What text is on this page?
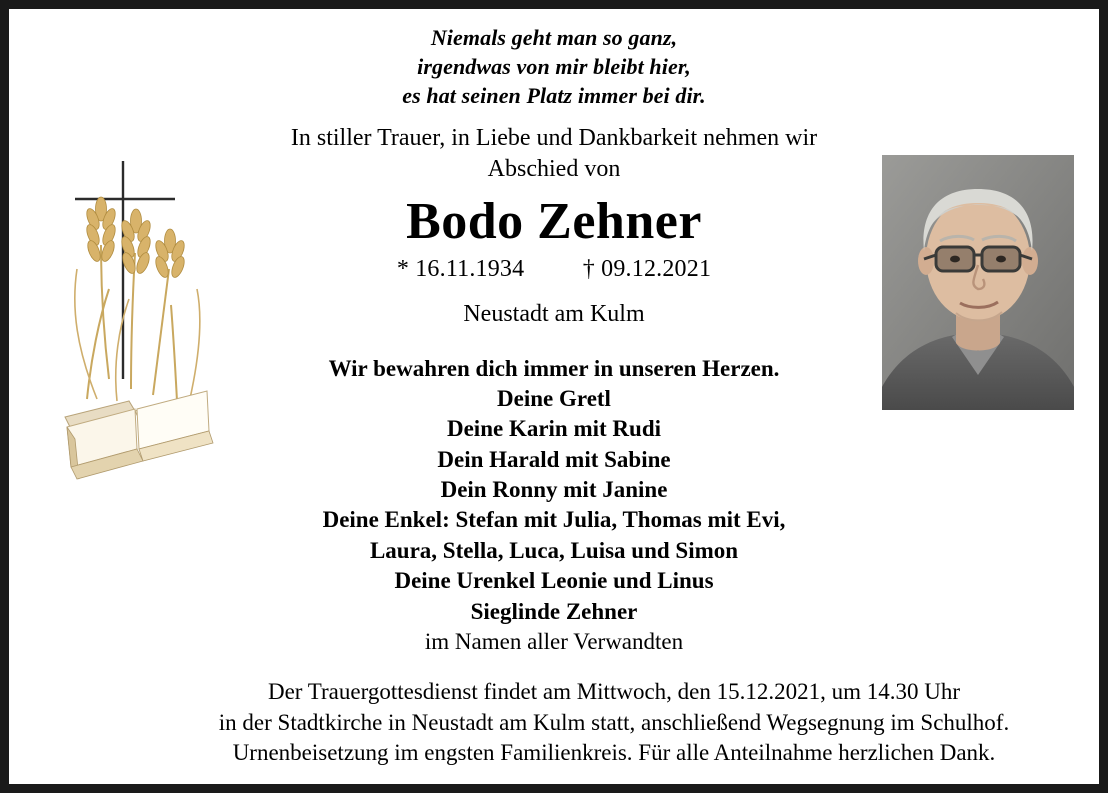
Niemals geht man so ganz,
irgendwas von mir bleibt hier,
es hat seinen Platz immer bei dir.
In stiller Trauer, in Liebe und Dankbarkeit nehmen wir
Abschied von
Bodo Zehner
* 16.11.1934 † 09.12.2021
Neustadt am Kulm
Wir bewahren dich immer in unseren Herzen.
Deine Gretl
Deine Karin mit Rudi
Dein Harald mit Sabine
Dein Ronny mit Janine
Deine Enkel: Stefan mit Julia, Thomas mit Evi,
Laura, Stella, Luca, Luisa und Simon
Deine Urenkel Leonie und Linus
Sieglinde Zehner
im Namen aller Verwandten
Der Trauergottesdienst findet am Mittwoch, den 15.12.2021, um 14.30 Uhr
in der Stadtkirche in Neustadt am Kulm statt, anschließend Wegsegnung im Schulhof.
Urnenbeisetzung im engsten Familienkreis. Für alle Anteilnahme herzlichen Dank.
